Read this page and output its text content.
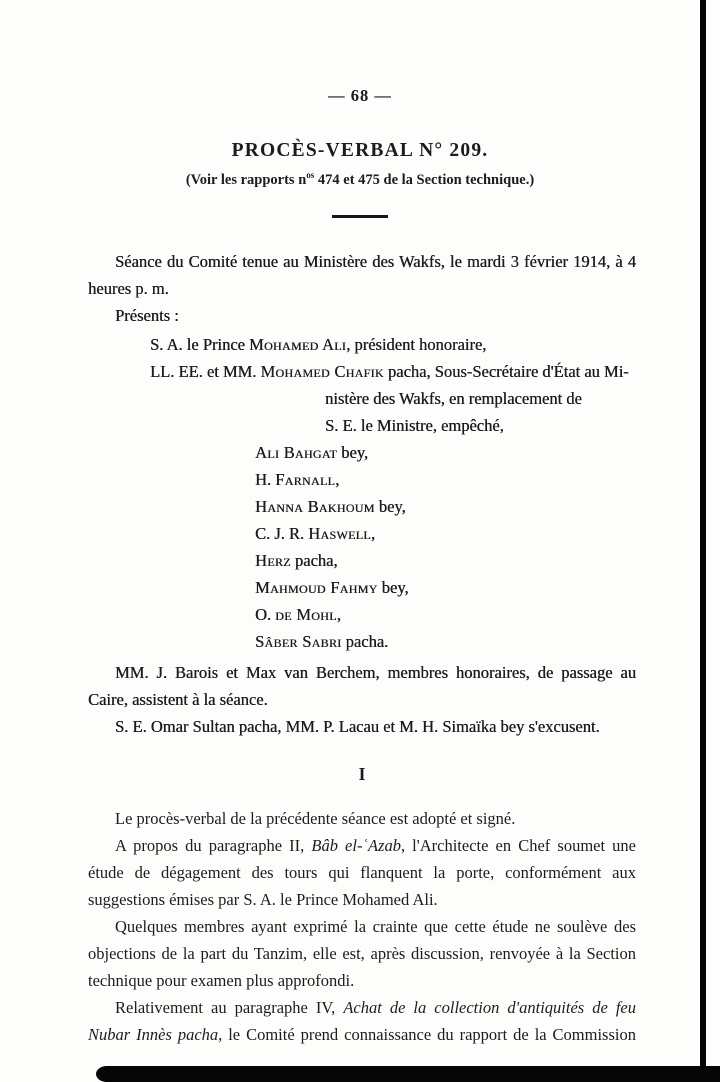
— 68 —
PROCÈS-VERBAL N° 209.
(Voir les rapports $n^{os}$ 474 et 475 de la Section technique.)

Séance du Comité tenue au Ministère des Wakfs, le mardi 3 février 1914, à 4 heures p. m.

Présents :

S. A. le Prince Mohamed Ali, président honoraire,
LL. EE. et MM. Mohamed Chafik pacha, Sous-Secrétaire d'État au Mi-
nistère des Wakfs, en remplacement de
S. E. le Ministre, empêché,
Ali Bahgat bey,
H. Farnall,
Hanna Bakhoum bey,
C. J. R. Haswell,
Herz pacha,
Mahmoud Fahmy bey,
O. de Mohl,
Sâber Sabri pacha.

MM. J. Barois et Max van Berchem, membres honoraires, de passage au Caire, assistent à la séance.

S. E. Omar Sultan pacha, MM. P. Lacau et M. H. Simaïka bey s'excusent.

I

Le procès-verbal de la précédente séance est adopté et signé.

A propos du paragraphe II, Bâb el-ʿAzab, l'Architecte en Chef soumet une étude de dégagement des tours qui flanquent la porte, conformément aux suggestions émises par S. A. le Prince Mohamed Ali.

Quelques membres ayant exprimé la crainte que cette étude ne soulève des objections de la part du Tanzim, elle est, après discussion, renvoyée à la Section technique pour examen plus approfondi.

Relativement au paragraphe IV, Achat de la collection d'antiquités de feu Nubar Innès pacha, le Comité prend connaissance du rapport de la Commission
